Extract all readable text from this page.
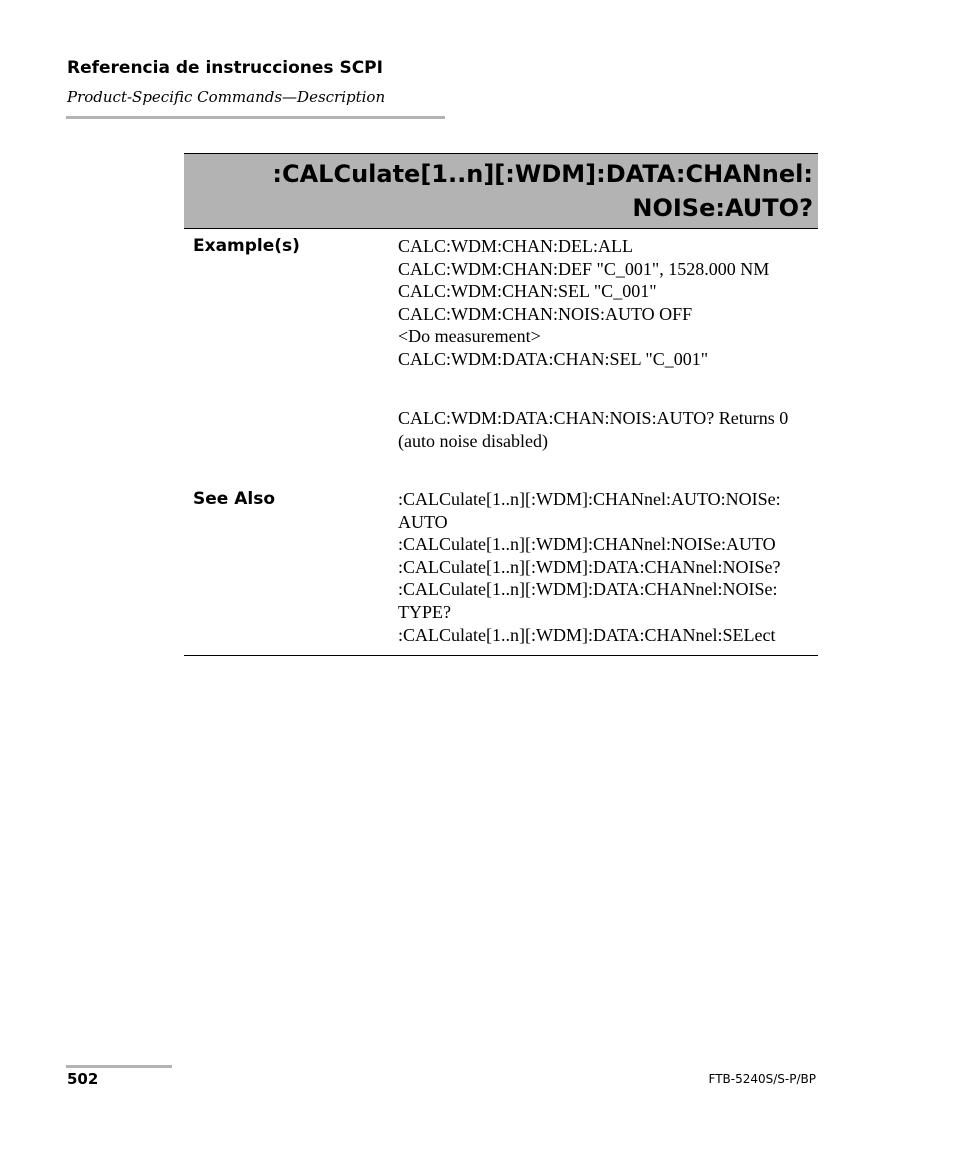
Referencia de instrucciones SCPI
Product-Specific Commands—Description
:CALCulate[1..n][:WDM]:DATA:CHANnel:
NOISe:AUTO?
Example(s)	CALC:WDM:CHAN:DEL:ALL
CALC:WDM:CHAN:DEF "C_001", 1528.000 NM
CALC:WDM:CHAN:SEL "C_001"
CALC:WDM:CHAN:NOIS:AUTO OFF
<Do measurement>
CALC:WDM:DATA:CHAN:SEL "C_001"
CALC:WDM:DATA:CHAN:NOIS:AUTO? Returns 0
(auto noise disabled)
See Also	:CALCulate[1..n][:WDM]:CHANnel:AUTO:NOISe:
AUTO
:CALCulate[1..n][:WDM]:CHANnel:NOISe:AUTO
:CALCulate[1..n][:WDM]:DATA:CHANnel:NOISe?
:CALCulate[1..n][:WDM]:DATA:CHANnel:NOISe:
TYPE?
:CALCulate[1..n][:WDM]:DATA:CHANnel:SELect
502	FTB-5240S/S-P/BP
